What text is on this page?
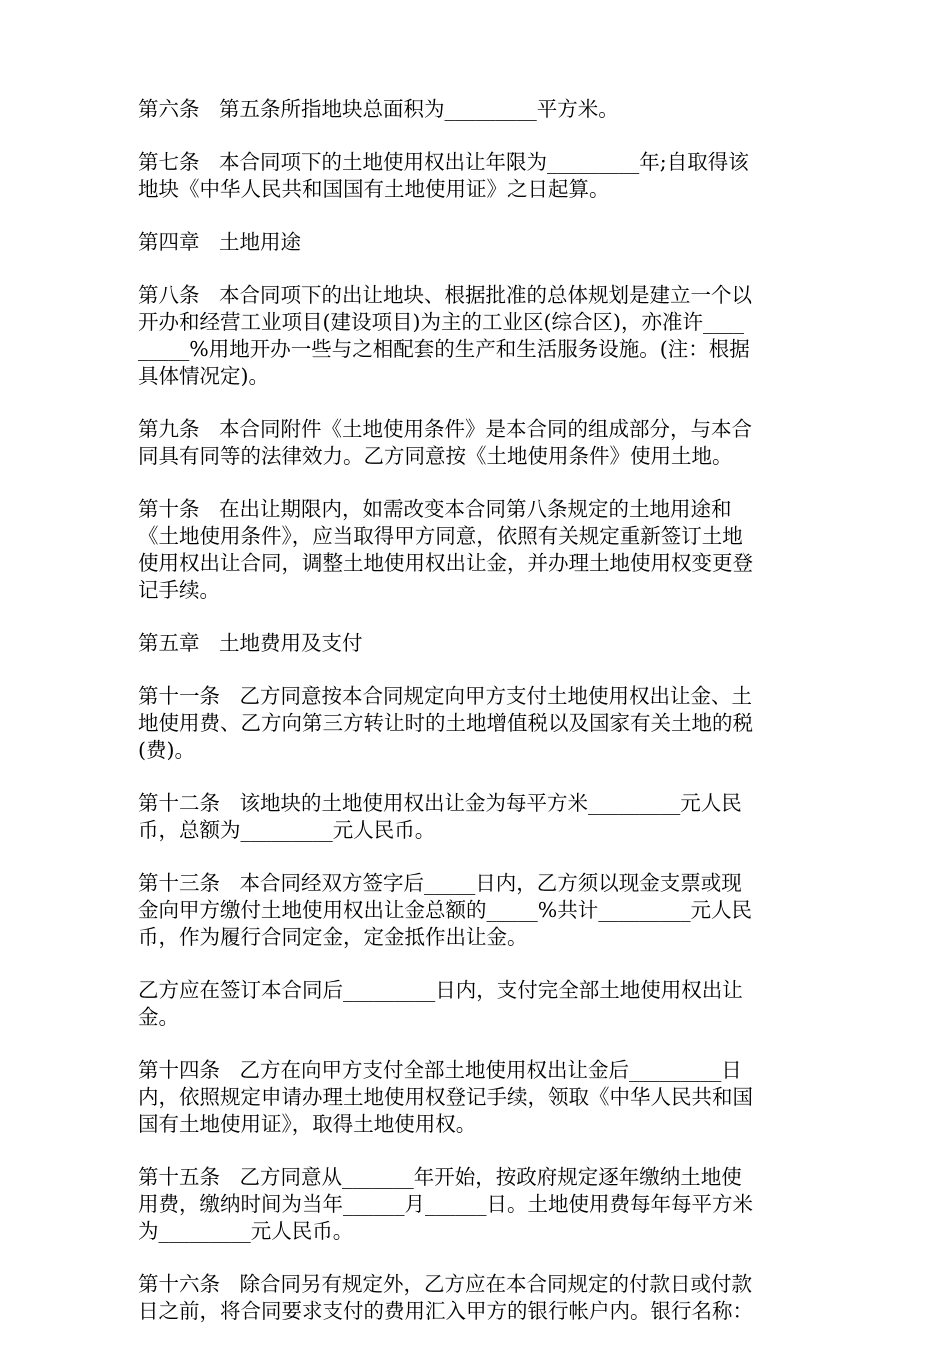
第六条   第五条所指地块总面积为_________平方米。
第七条   本合同项下的土地使用权出让年限为_________年;自取得该
地块《中华人民共和国国有土地使用证》之日起算。
第四章   土地用途
第八条   本合同项下的出让地块、根据批准的总体规划是建立一个以
开办和经营工业项目(建设项目)为主的工业区(综合区)，亦准许____
_____%用地开办一些与之相配套的生产和生活服务设施。(注：根据
具体情况定)。
第九条   本合同附件《土地使用条件》是本合同的组成部分，与本合
同具有同等的法律效力。乙方同意按《土地使用条件》使用土地。
第十条   在出让期限内，如需改变本合同第八条规定的土地用途和
《土地使用条件》，应当取得甲方同意，依照有关规定重新签订土地
使用权出让合同，调整土地使用权出让金，并办理土地使用权变更登
记手续。
第五章   土地费用及支付
第十一条   乙方同意按本合同规定向甲方支付土地使用权出让金、土
地使用费、乙方向第三方转让时的土地增值税以及国家有关土地的税
(费)。
第十二条   该地块的土地使用权出让金为每平方米_________元人民
币，总额为_________元人民币。
第十三条   本合同经双方签字后_____日内，乙方须以现金支票或现
金向甲方缴付土地使用权出让金总额的_____%共计_________元人民
币，作为履行合同定金，定金抵作出让金。
乙方应在签订本合同后_________日内，支付完全部土地使用权出让
金。
第十四条   乙方在向甲方支付全部土地使用权出让金后_________日
内，依照规定申请办理土地使用权登记手续，领取《中华人民共和国
国有土地使用证》，取得土地使用权。
第十五条   乙方同意从_______年开始，按政府规定逐年缴纳土地使
用费，缴纳时间为当年______月______日。土地使用费每年每平方米
为_________元人民币。
第十六条   除合同另有规定外，乙方应在本合同规定的付款日或付款
日之前，将合同要求支付的费用汇入甲方的银行帐户内。银行名称：
